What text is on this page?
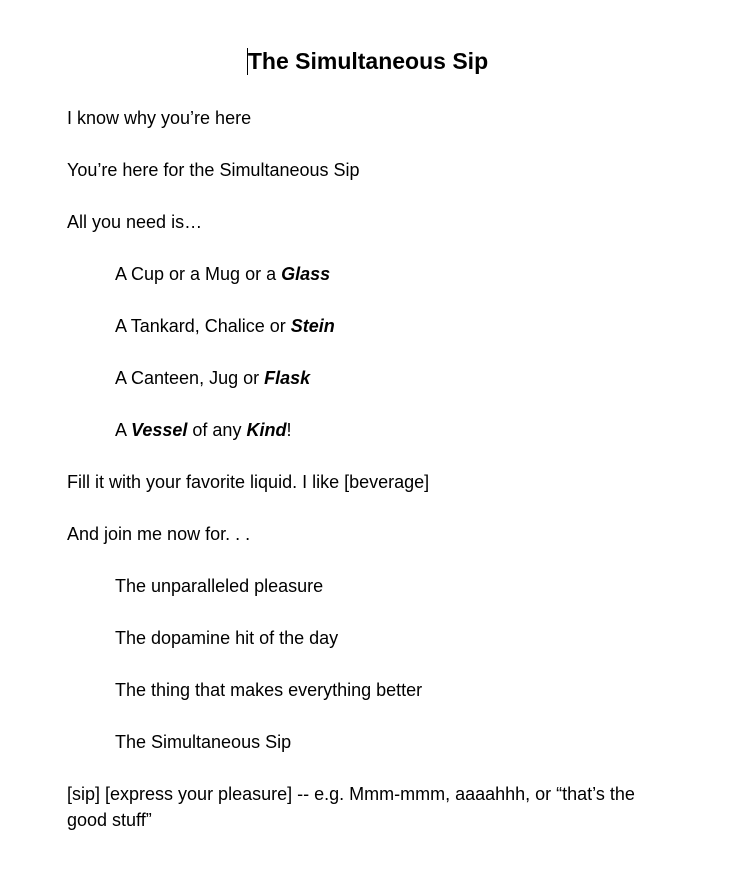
The Simultaneous Sip

I know why you’re here

You’re here for the Simultaneous Sip

All you need is…

A Cup or a Mug or a Glass

A Tankard, Chalice or Stein

A Canteen, Jug or Flask

A Vessel of any Kind!

Fill it with your favorite liquid. I like [beverage]

And join me now for. . .

The unparalleled pleasure

The dopamine hit of the day

The thing that makes everything better

The Simultaneous Sip

[sip] [express your pleasure] -- e.g. Mmm-mmm, aaaahhh, or “that’s the good stuff”
